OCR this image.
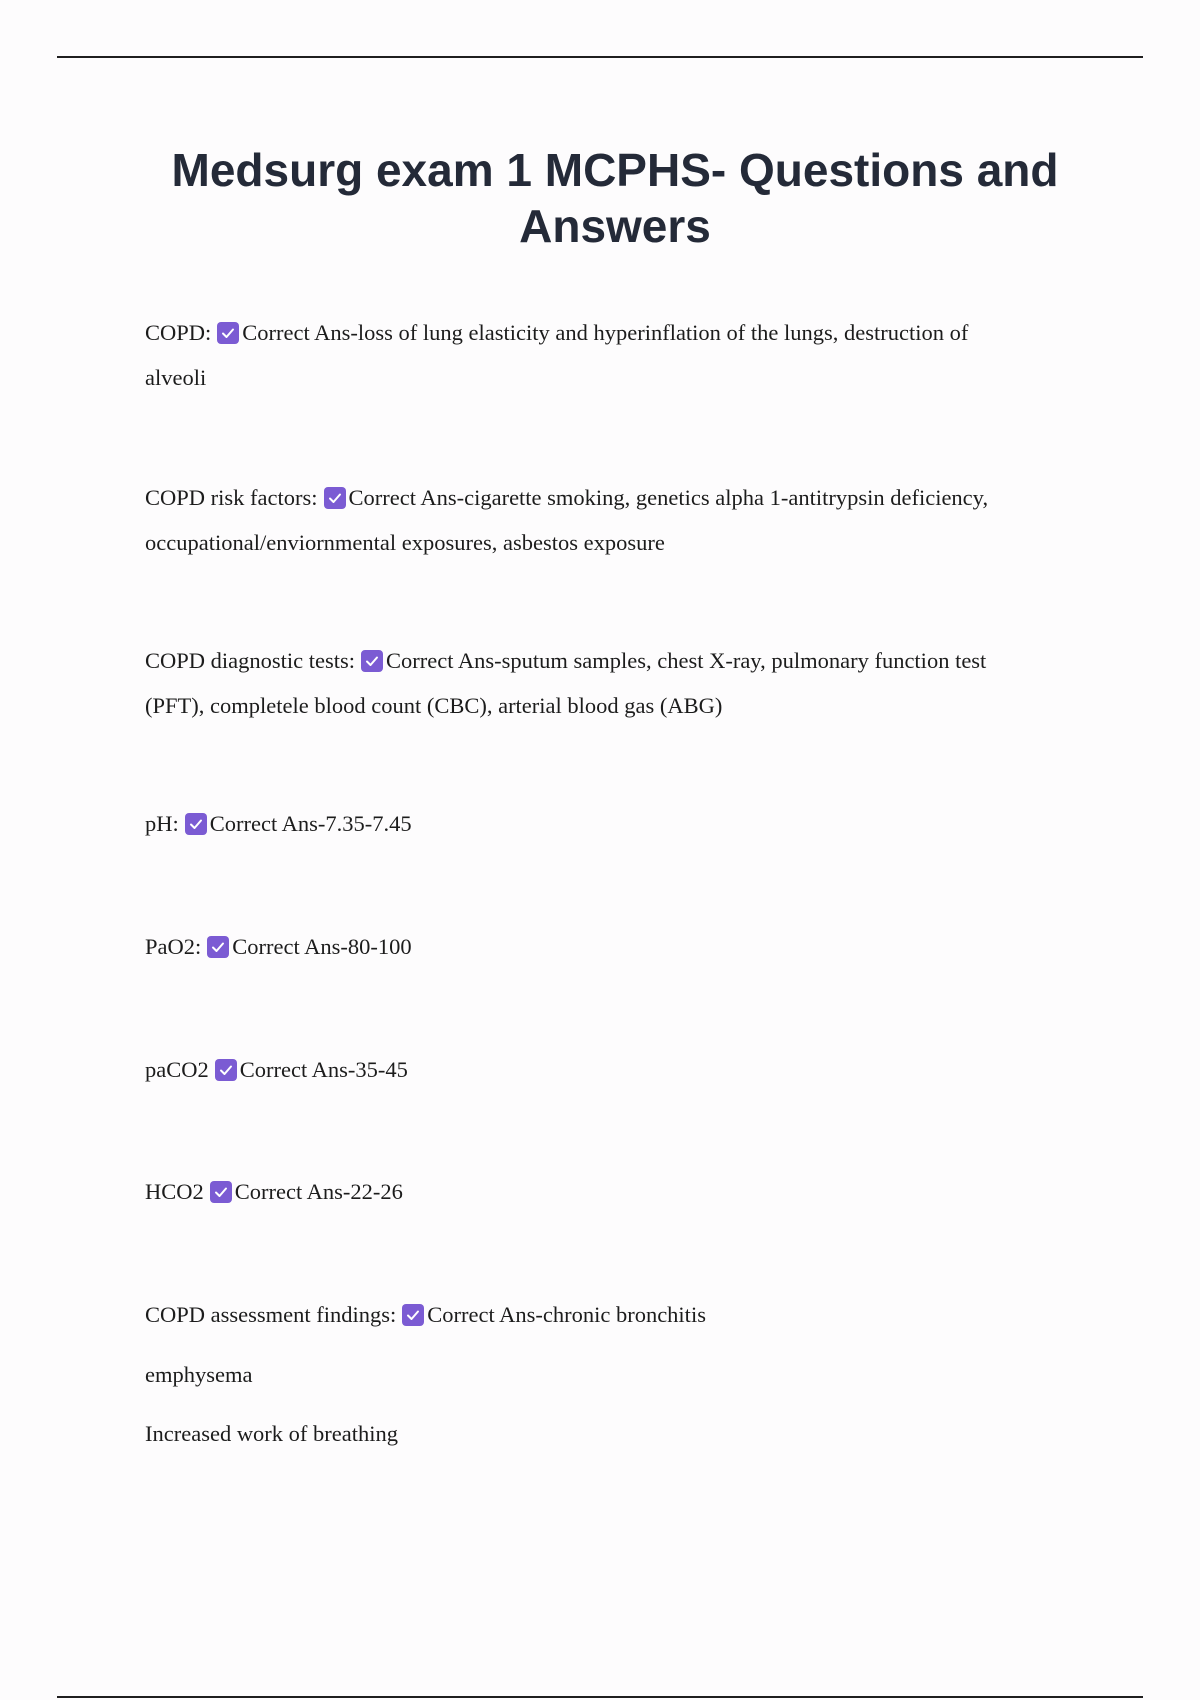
Medsurg exam 1 MCPHS- Questions and Answers
COPD: Correct Ans-loss of lung elasticity and hyperinflation of the lungs, destruction of
alveoli
COPD risk factors: Correct Ans-cigarette smoking, genetics alpha 1-antitrypsin deficiency,
occupational/enviornmental exposures, asbestos exposure
COPD diagnostic tests: Correct Ans-sputum samples, chest X-ray, pulmonary function test
(PFT), completele blood count (CBC), arterial blood gas (ABG)
pH: Correct Ans-7.35-7.45
PaO2: Correct Ans-80-100
paCO2 Correct Ans-35-45
HCO2 Correct Ans-22-26
COPD assessment findings: Correct Ans-chronic bronchitis
emphysema
Increased work of breathing
